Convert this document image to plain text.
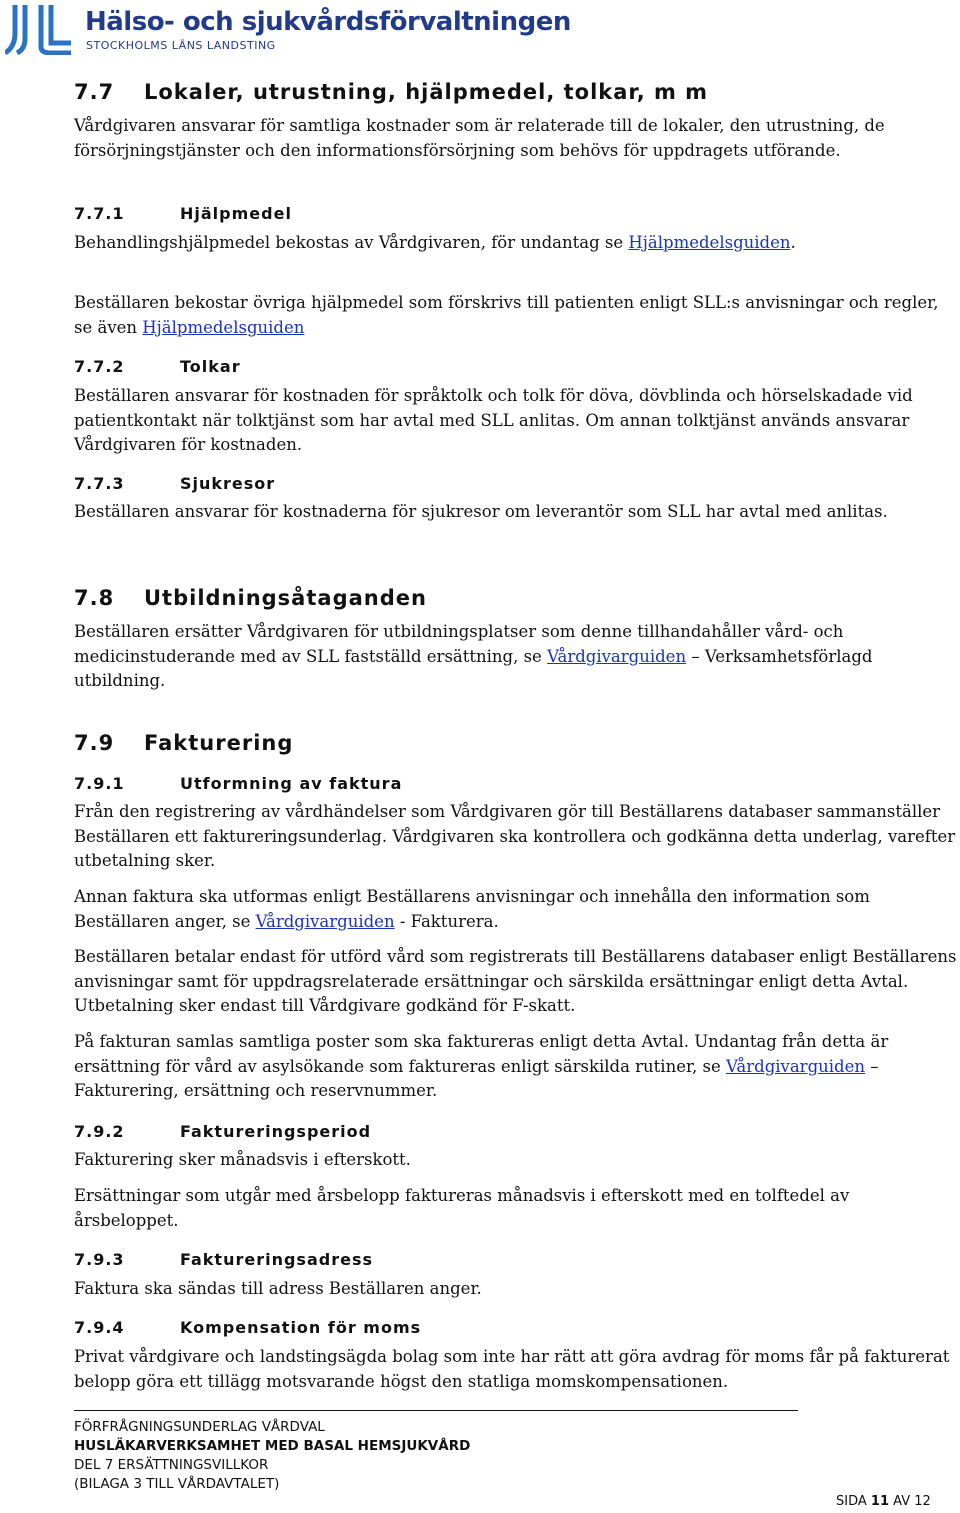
Hälso- och sjukvårdsförvaltningen
STOCKHOLMS LÄNS LANDSTING
7.7 Lokaler, utrustning, hjälpmedel, tolkar, m m
Vårdgivaren ansvarar för samtliga kostnader som är relaterade till de lokaler, den utrustning, de försörjningstjänster och den informationsförsörjning som behövs för uppdragets utförande.
7.7.1	Hjälpmedel
Behandlingshjälpmedel bekostas av Vårdgivaren, för undantag se Hjälpmedelsguiden.
Beställaren bekostar övriga hjälpmedel som förskrivs till patienten enligt SLL:s anvisningar och regler, se även Hjälpmedelsguiden
7.7.2	Tolkar
Beställaren ansvarar för kostnaden för språktolk och tolk för döva, dövblinda och hörselskadade vid patientkontakt när tolktjänst som har avtal med SLL anlitas. Om annan tolktjänst används ansvarar Vårdgivaren för kostnaden.
7.7.3	Sjukresor
Beställaren ansvarar för kostnaderna för sjukresor om leverantör som SLL har avtal med anlitas.
7.8 Utbildningsåtaganden
Beställaren ersätter Vårdgivaren för utbildningsplatser som denne tillhandahåller vård- och medicinstuderande med av SLL fastställd ersättning, se Vårdgivarguiden – Verksamhetsförlagd utbildning.
7.9 Fakturering
7.9.1	Utformning av faktura
Från den registrering av vårdhändelser som Vårdgivaren gör till Beställarens databaser sammanställer Beställaren ett faktureringsunderlag. Vårdgivaren ska kontrollera och godkänna detta underlag, varefter utbetalning sker.
Annan faktura ska utformas enligt Beställarens anvisningar och innehålla den information som Beställaren anger, se Vårdgivarguiden - Fakturera.
Beställaren betalar endast för utförd vård som registrerats till Beställarens databaser enligt Beställarens anvisningar samt för uppdragsrelaterade ersättningar och särskilda ersättningar enligt detta Avtal. Utbetalning sker endast till Vårdgivare godkänd för F-skatt.
På fakturan samlas samtliga poster som ska faktureras enligt detta Avtal. Undantag från detta är ersättning för vård av asylsökande som faktureras enligt särskilda rutiner, se Vårdgivarguiden – Fakturering, ersättning och reservnummer.
7.9.2	Faktureringsperiod
Fakturering sker månadsvis i efterskott.
Ersättningar som utgår med årsbelopp faktureras månadsvis i efterskott med en tolftedel av årsbeloppet.
7.9.3	Faktureringsadress
Faktura ska sändas till adress Beställaren anger.
7.9.4	Kompensation för moms
Privat vårdgivare och landstingsägda bolag som inte har rätt att göra avdrag för moms får på fakturerat belopp göra ett tillägg motsvarande högst den statliga momskompensationen.
FÖRFRÅGNINGSUNDERLAG VÅRDVAL
HUSLÄKARVERKSAMHET MED BASAL HEMSJUKVÅRD
DEL 7 ERSÄTTNINGSVILLKOR
(BILAGA 3 TILL VÅRDAVTALET)
SIDA 11 AV 12
